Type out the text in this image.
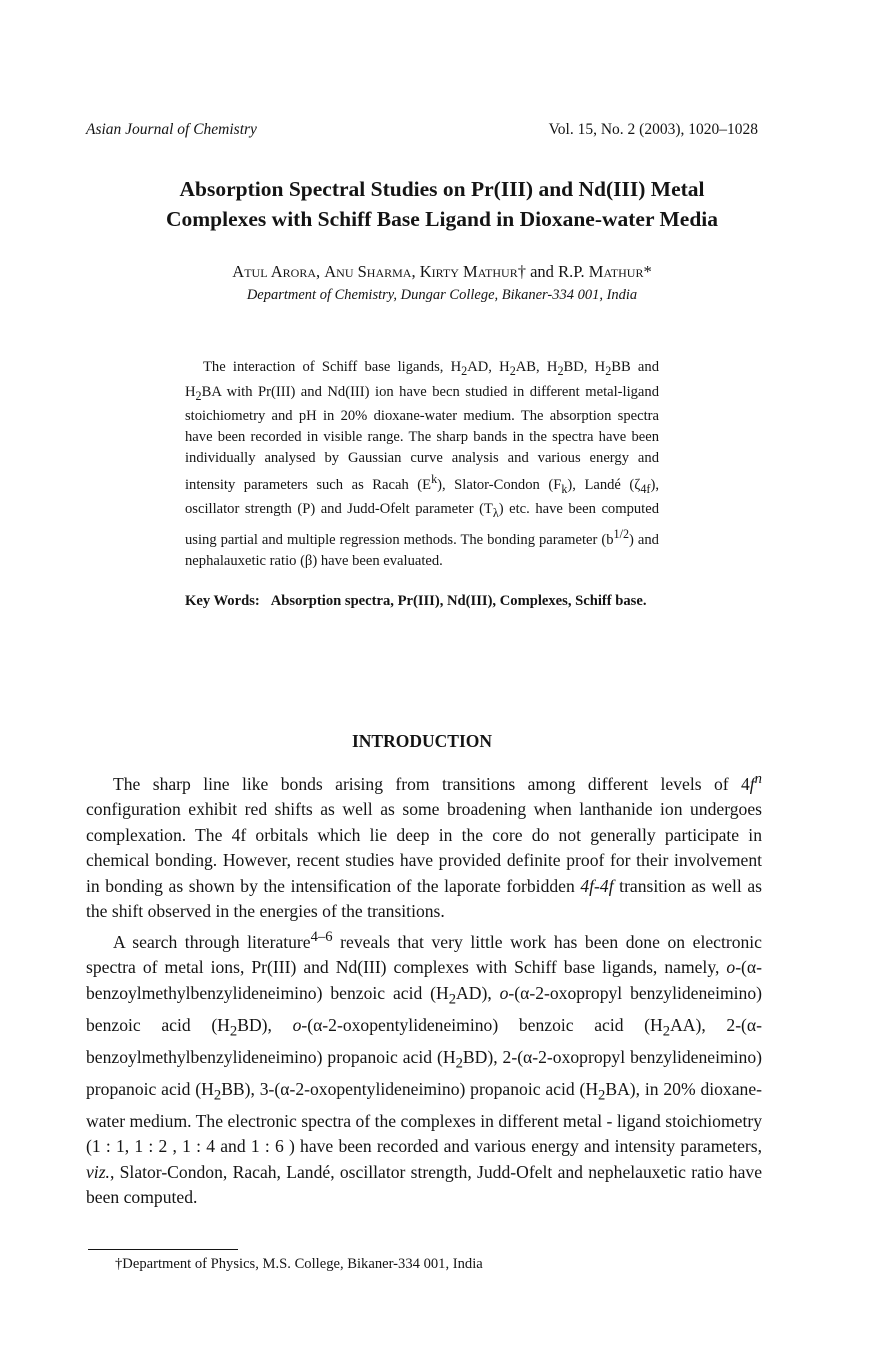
Asian Journal of Chemistry	Vol. 15, No. 2 (2003), 1020–1028
Absorption Spectral Studies on Pr(III) and Nd(III) Metal
Complexes with Schiff Base Ligand in Dioxane-water Media
Atul Arora, Anu Sharma, Kirty Mathur† and R.P. Mathur*
Department of Chemistry, Dungar College, Bikaner-334 001, India
The interaction of Schiff base ligands, $H_2AD$, $H_2AB$, $H_2BD$, $H_2BB$ and $H_2BA$ with Pr(III) and Nd(III) ion have becn studied in different metal-ligand stoichiometry and pH in 20% dioxane-water medium. The absorption spectra have been recorded in visible range. The sharp bands in the spectra have been individually analysed by Gaussian curve analysis and various energy and intensity parameters such as Racah $(E^k)$, Slator-Condon $(F_k)$, Landé $(\zeta_{4f})$, oscillator strength (P) and Judd-Ofelt parameter $(T_\lambda)$ etc. have been computed using partial and multiple regression methods. The bonding parameter $(b^{1/2})$ and nephalauxetic ratio (β) have been evaluated.
Key Words: Absorption spectra, Pr(III), Nd(III), Complexes, Schiff base.
INTRODUCTION

The sharp line like bonds arising from transitions among different levels of $4f^n$ configuration exhibit red shifts as well as some broadening when lanthanide ion undergoes complexation. The 4f orbitals which lie deep in the core do not generally participate in chemical bonding. However, recent studies have provided definite proof for their involvement in bonding as shown by the intensification of the laporate forbidden 4f-4f transition as well as the shift observed in the energies of the transitions.

A search through literature$^{4-6}$ reveals that very little work has been done on electronic spectra of metal ions, Pr(III) and Nd(III) complexes with Schiff base ligands, namely, o-(α-benzoylmethylbenzylideneimino) benzoic acid $(H_2AD)$, o-(α-2-oxopropyl benzylideneimino) benzoic acid $(H_2BD)$, o-(α-2-oxopentylideneimino) benzoic acid $(H_2AA)$, 2-(α-benzoylmethylbenzylideneimino) propanoic acid $(H_2BD)$, 2-(α-2-oxopropyl benzylideneimino) propanoic acid $(H_2BB)$, 3-(α-2-oxopentylideneimino) propanoic acid $(H_2BA)$, in 20% dioxane-water medium. The electronic spectra of the complexes in different metal - ligand stoichiometry (1 : 1, 1 : 2 , 1 : 4 and 1 : 6 ) have been recorded and various energy and intensity parameters, viz., Slator-Condon, Racah, Landé, oscillator strength, Judd-Ofelt and nephelauxetic ratio have been computed.

†Department of Physics, M.S. College, Bikaner-334 001, India
